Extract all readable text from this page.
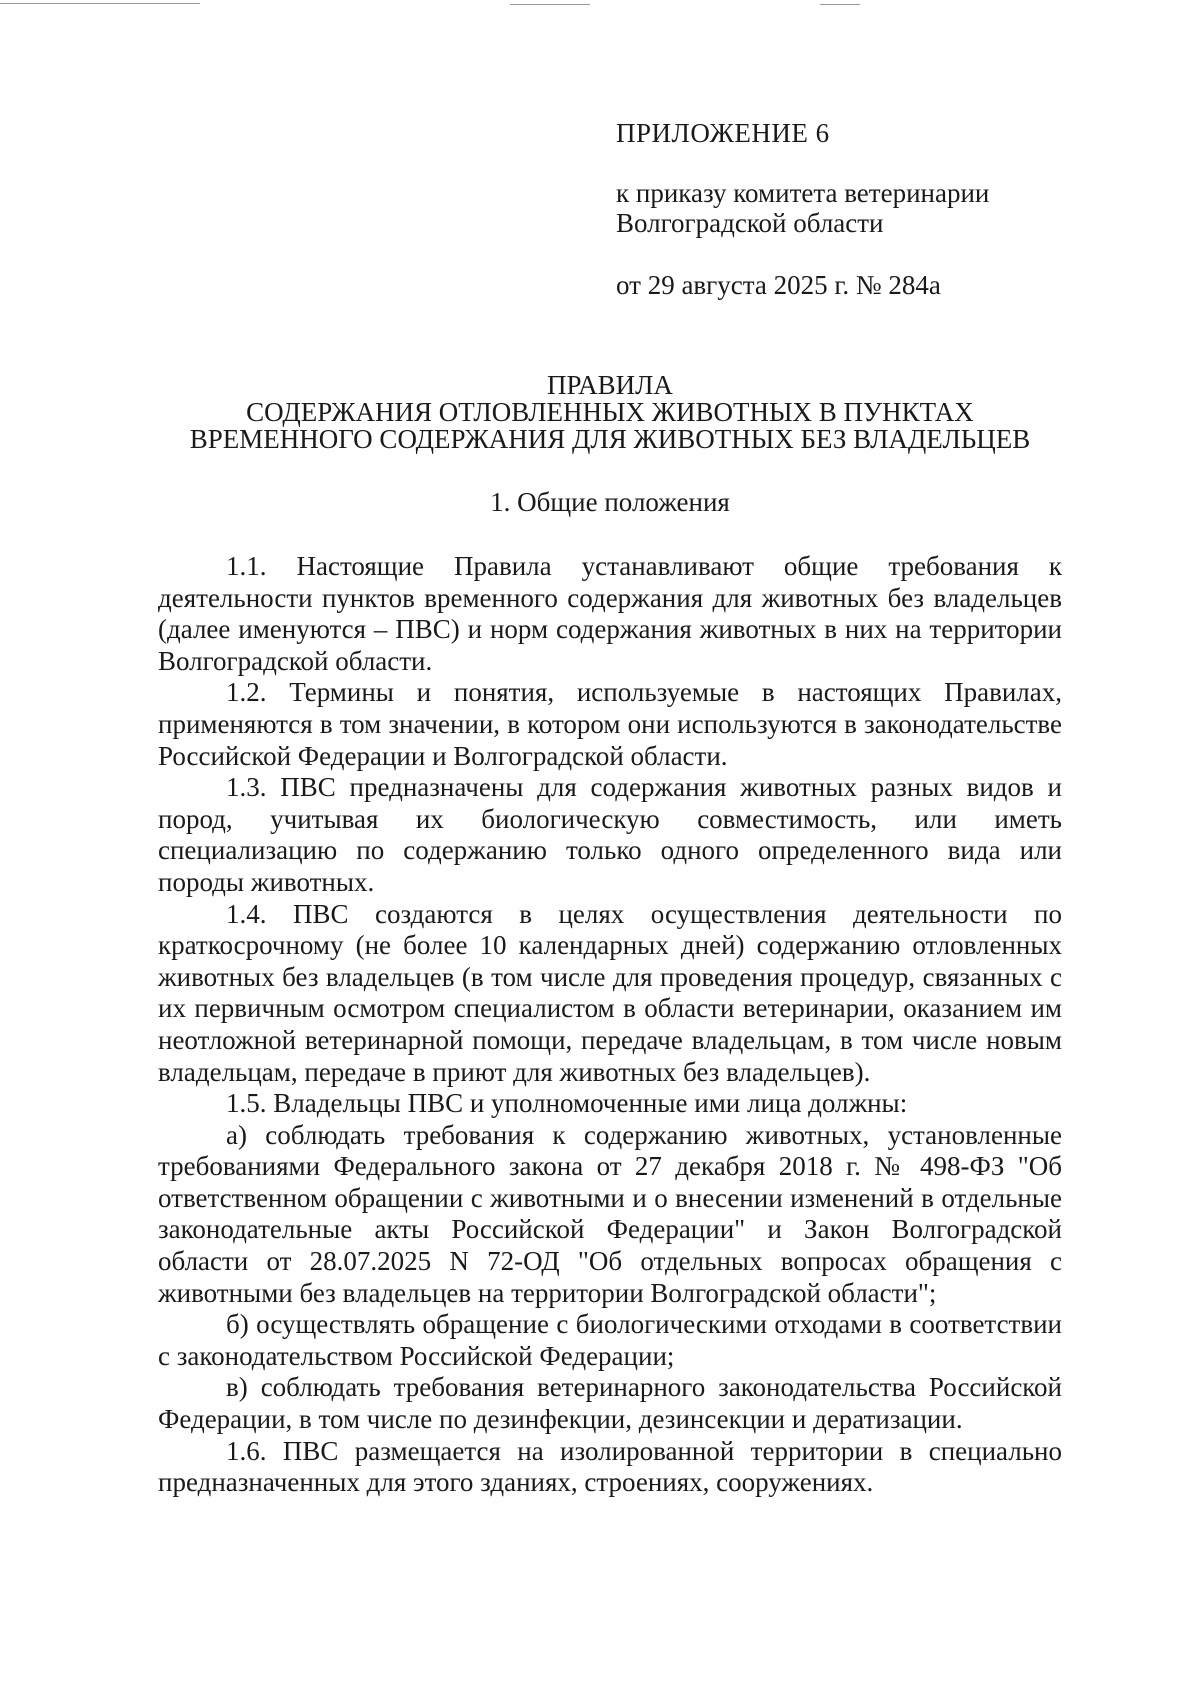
ПРИЛОЖЕНИЕ 6

к приказу комитета ветеринарии
Волгоградской области

от 29 августа 2025 г. № 284а

ПРАВИЛА
СОДЕРЖАНИЯ ОТЛОВЛЕННЫХ ЖИВОТНЫХ В ПУНКТАХ
ВРЕМЕННОГО СОДЕРЖАНИЯ ДЛЯ ЖИВОТНЫХ БЕЗ ВЛАДЕЛЬЦЕВ
1. Общие положения

1.1. Настоящие Правила устанавливают общие требования к деятельности пунктов временного содержания для животных без владельцев (далее именуются – ПВС) и норм содержания животных в них на территории Волгоградской области.

1.2. Термины и понятия, используемые в настоящих Правилах, применяются в том значении, в котором они используются в законодательстве Российской Федерации и Волгоградской области.

1.3. ПВС предназначены для содержания животных разных видов и пород, учитывая их биологическую совместимость, или иметь специализацию по содержанию только одного определенного вида или породы животных.

1.4. ПВС создаются в целях осуществления деятельности по краткосрочному (не более 10 календарных дней) содержанию отловленных животных без владельцев (в том числе для проведения процедур, связанных с их первичным осмотром специалистом в области ветеринарии, оказанием им неотложной ветеринарной помощи, передаче владельцам, в том числе новым владельцам, передаче в приют для животных без владельцев).

1.5. Владельцы ПВС и уполномоченные ими лица должны:

а) соблюдать требования к содержанию животных, установленные требованиями Федерального закона от 27 декабря 2018 г. № 498-ФЗ "Об ответственном обращении с животными и о внесении изменений в отдельные законодательные акты Российской Федерации" и Закон Волгоградской области от 28.07.2025 N 72-ОД "Об отдельных вопросах обращения с животными без владельцев на территории Волгоградской области";

б) осуществлять обращение с биологическими отходами в соответствии с законодательством Российской Федерации;

в) соблюдать требования ветеринарного законодательства Российской Федерации, в том числе по дезинфекции, дезинсекции и дератизации.

1.6. ПВС размещается на изолированной территории в специально предназначенных для этого зданиях, строениях, сооружениях.
